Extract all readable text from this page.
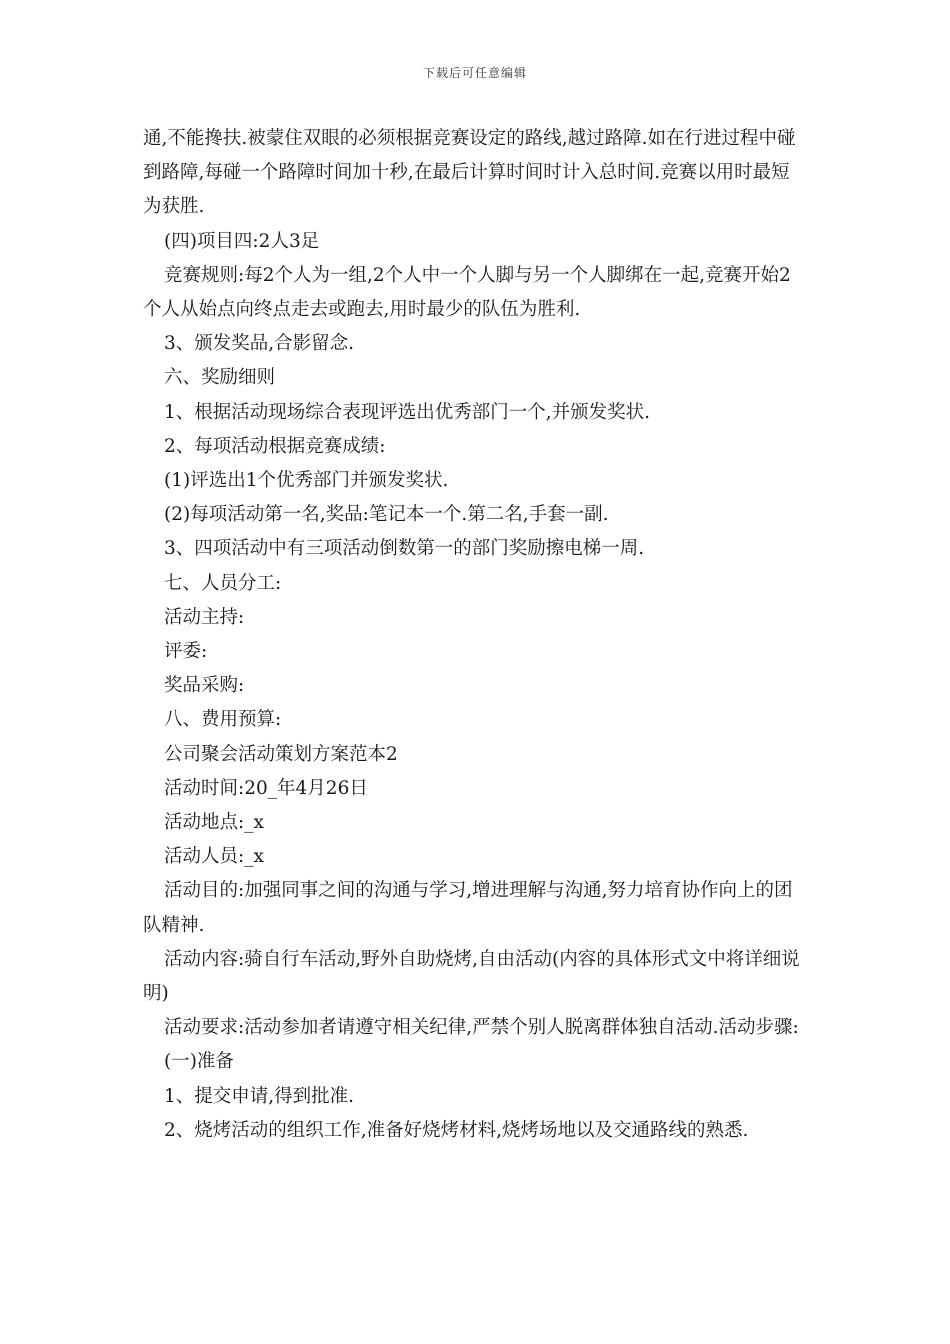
下载后可任意编辑

通,不能搀扶.被蒙住双眼的必须根据竞赛设定的路线,越过路障.如在行进过程中碰到路障,每碰一个路障时间加十秒,在最后计算时间时计入总时间.竞赛以用时最短为获胜.

(四)项目四:2人3足

竞赛规则:每2个人为一组,2个人中一个人脚与另一个人脚绑在一起,竞赛开始2个人从始点向终点走去或跑去,用时最少的队伍为胜利.

3、颁发奖品,合影留念.

六、奖励细则

1、根据活动现场综合表现评选出优秀部门一个,并颁发奖状.

2、每项活动根据竞赛成绩:

(1)评选出1个优秀部门并颁发奖状.

(2)每项活动第一名,奖品:笔记本一个.第二名,手套一副.

3、四项活动中有三项活动倒数第一的部门奖励擦电梯一周.

七、人员分工:

活动主持:

评委:

奖品采购:

八、费用预算:

公司聚会活动策划方案范本2

活动时间:20_年4月26日

活动地点:_x

活动人员:_x

活动目的:加强同事之间的沟通与学习,增进理解与沟通,努力培育协作向上的团队精神.

活动内容:骑自行车活动,野外自助烧烤,自由活动(内容的具体形式文中将详细说明)

活动要求:活动参加者请遵守相关纪律,严禁个别人脱离群体独自活动.活动步骤:

(一)准备

1、提交申请,得到批准.

2、烧烤活动的组织工作,准备好烧烤材料,烧烤场地以及交通路线的熟悉.
